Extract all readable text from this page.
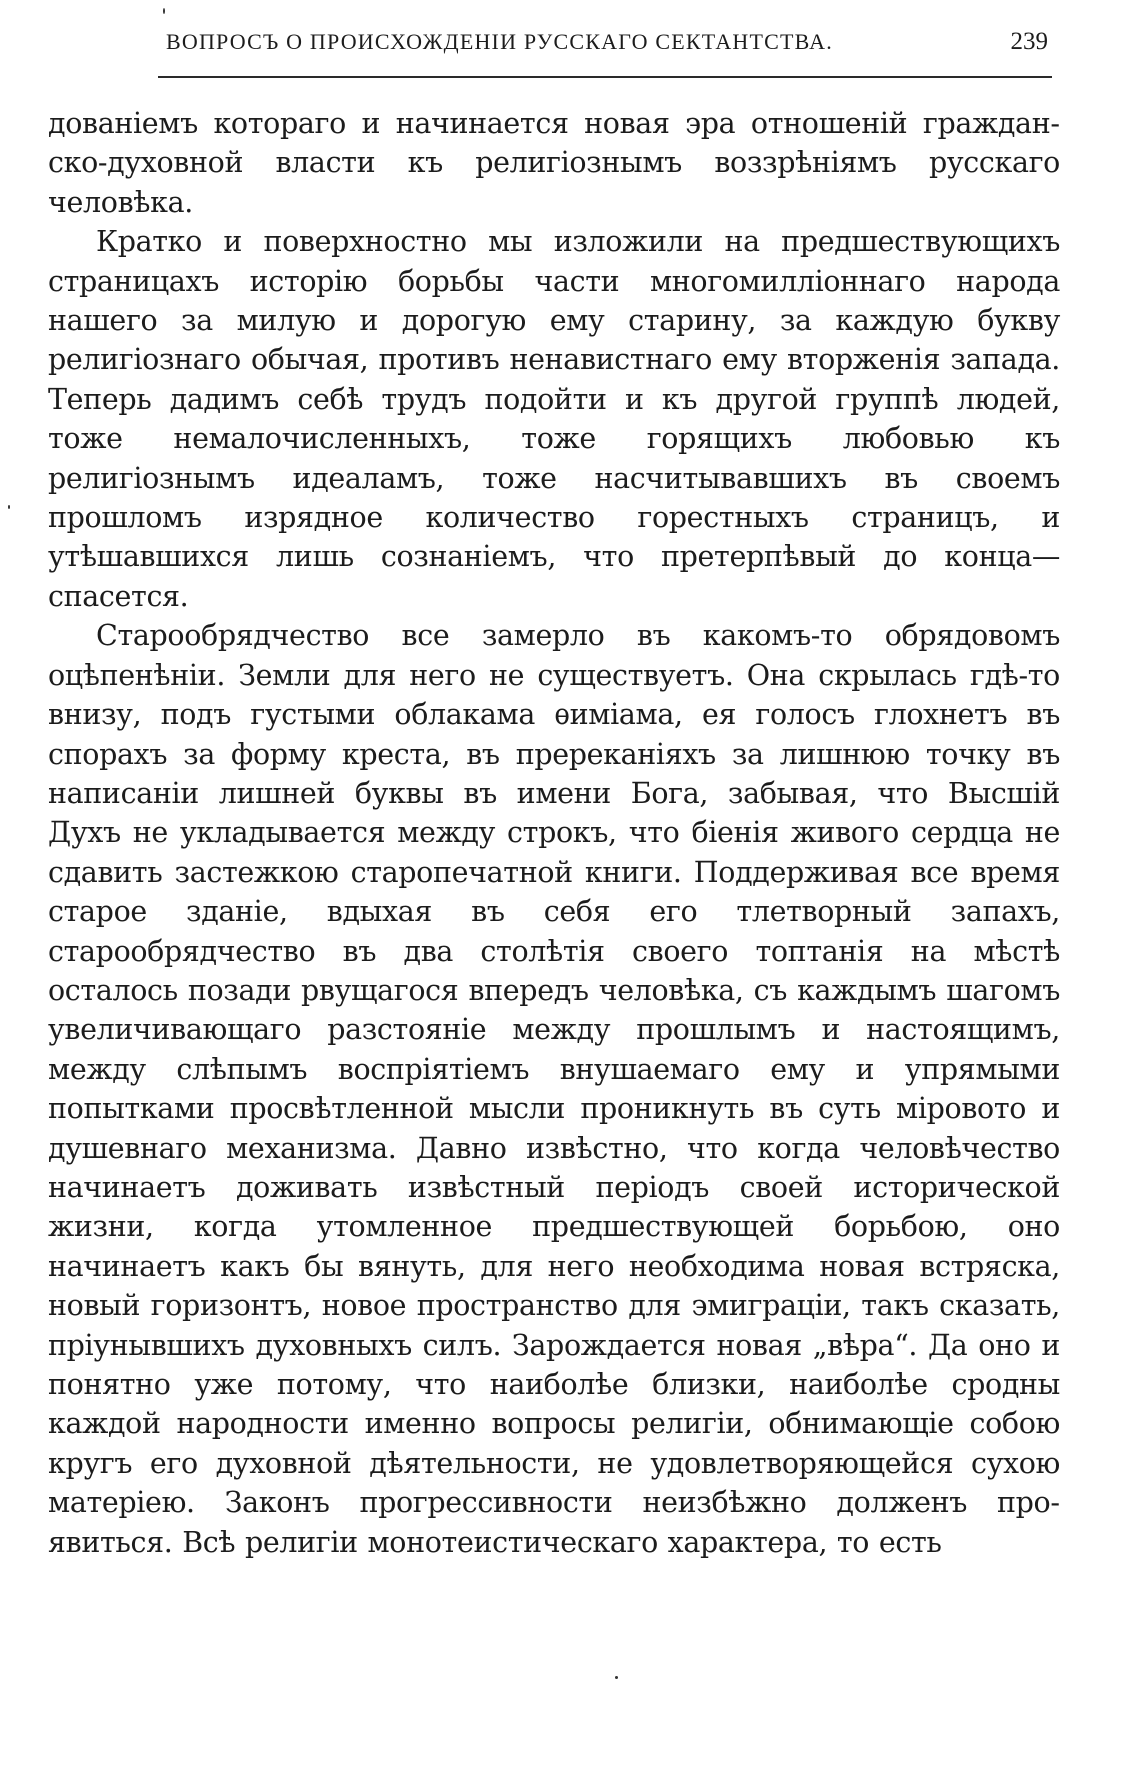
ВОПРОСЪ О ПРОИСХОЖДЕНІИ РУССКАГО СЕКТАНТСТВА.	239

дованіемъ котораго и начинается новая эра отношеній гражданско-духовной власти къ религіознымъ воззрѣніямъ русскаго человѣка.

Кратко и поверхностно мы изложили на предшествующихъ страницахъ исторію борьбы части многомилліоннаго народа нашего за милую и дорогую ему старину, за каждую букву религіознаго обычая, противъ ненавистнаго ему вторженія запада. Теперь дадимъ себѣ трудъ подойти и къ другой группѣ людей, тоже немалочисленныхъ, тоже горящихъ любовью къ религіознымъ идеаламъ, тоже насчитывавшихъ въ своемъ прошломъ изрядное количество горестныхъ страницъ, и утѣшавшихся лишь сознаніемъ, что претерпѣвый до конца—спасется.

Старообрядчество все замерло въ какомъ-то обрядовомъ оцѣпенѣніи. Земли для него не существуетъ. Она скрылась гдѣ-то внизу, подъ густыми облакама ѳиміама, ея голосъ глохнетъ въ спорахъ за форму креста, въ пререканіяхъ за лишнюю точку въ написаніи лишней буквы въ имени Бога, забывая, что Высшій Духъ не укладывается между строкъ, что біенія живого сердца не сдавить застежкою старопечатной книги. Поддерживая все время старое зданіе, вдыхая въ себя его тлетворный запахъ, старообрядчество въ два столѣтія своего топтанія на мѣстѣ осталось позади рвущагося впередъ человѣка, съ каждымъ шагомъ увеличивающаго разстояніе между прошлымъ и настоящимъ, между слѣпымъ воспріятіемъ внушаемаго ему и упрямыми попытками просвѣтленной мысли проникнуть въ суть міровото и душевнаго механизма. Давно извѣстно, что когда человѣчество начинаетъ доживать извѣстный періодъ своей исторической жизни, когда утомленное предшествующей борьбою, оно начинаетъ какъ бы вянуть, для него необходима новая встряска, новый горизонтъ, новое пространство для эмиграціи, такъ сказать, пріунывшихъ духовныхъ силъ. Зарождается новая „вѣра“. Да оно и понятно уже потому, что наиболѣе близки, наиболѣе сродны каждой народности именно вопросы религіи, обнимающіе собою кругъ его духовной дѣятельности, не удовлетворяющейся сухою матеріею. Законъ прогрессивности неизбѣжно долженъ проявиться. Всѣ религіи монотеистическаго характера, то есть
